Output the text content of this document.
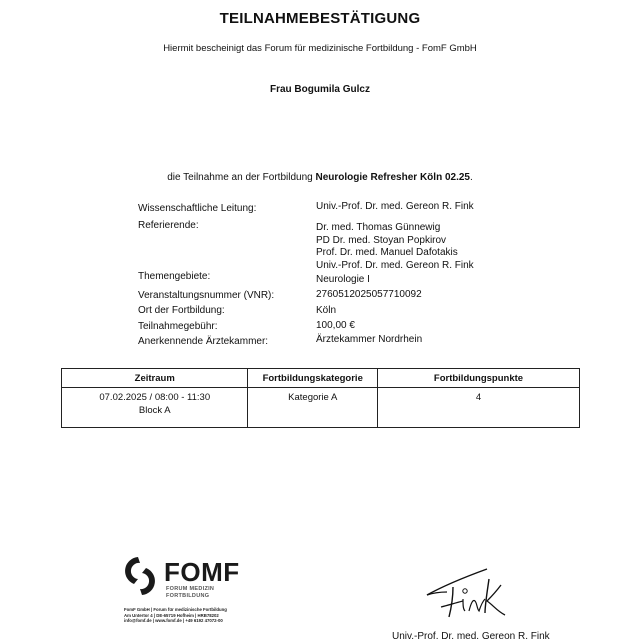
TEILNAHMEBESTÄTIGUNG
Hiermit bescheinigt das Forum für medizinische Fortbildung - FomF GmbH
Frau Bogumila Gulcz
die Teilnahme an der Fortbildung Neurologie Refresher Köln 02.25.
Wissenschaftliche Leitung:	Univ.-Prof. Dr. med. Gereon R. Fink
Referierende:	Dr. med. Thomas Günnewig
PD Dr. med. Stoyan Popkirov
Prof. Dr. med. Manuel Dafotakis
Univ.-Prof. Dr. med. Gereon R. Fink
Themengebiete:	Neurologie I
Veranstaltungsnummer (VNR):	2760512025057710092
Ort der Fortbildung:	Köln
Teilnahmegebühr:	100,00 €
Anerkennende Ärztekammer:	Ärztekammer Nordrhein
Zeitraum	Fortbildungskategorie	Fortbildungspunkte

07.02.2025 / 08:00 - 11:30
Block A	Kategorie A	4
FOMF
FORUM MEDIZIN
FORTBILDUNG
FomF GmbH | Forum für medizinische Fortbildung
Am Untertor 4 | DE-65719 Hofheim | HRB78202
info@fomf.de | www.fomf.de | +49 6192 47072-00
Univ.-Prof. Dr. med. Gereon R. Fink
